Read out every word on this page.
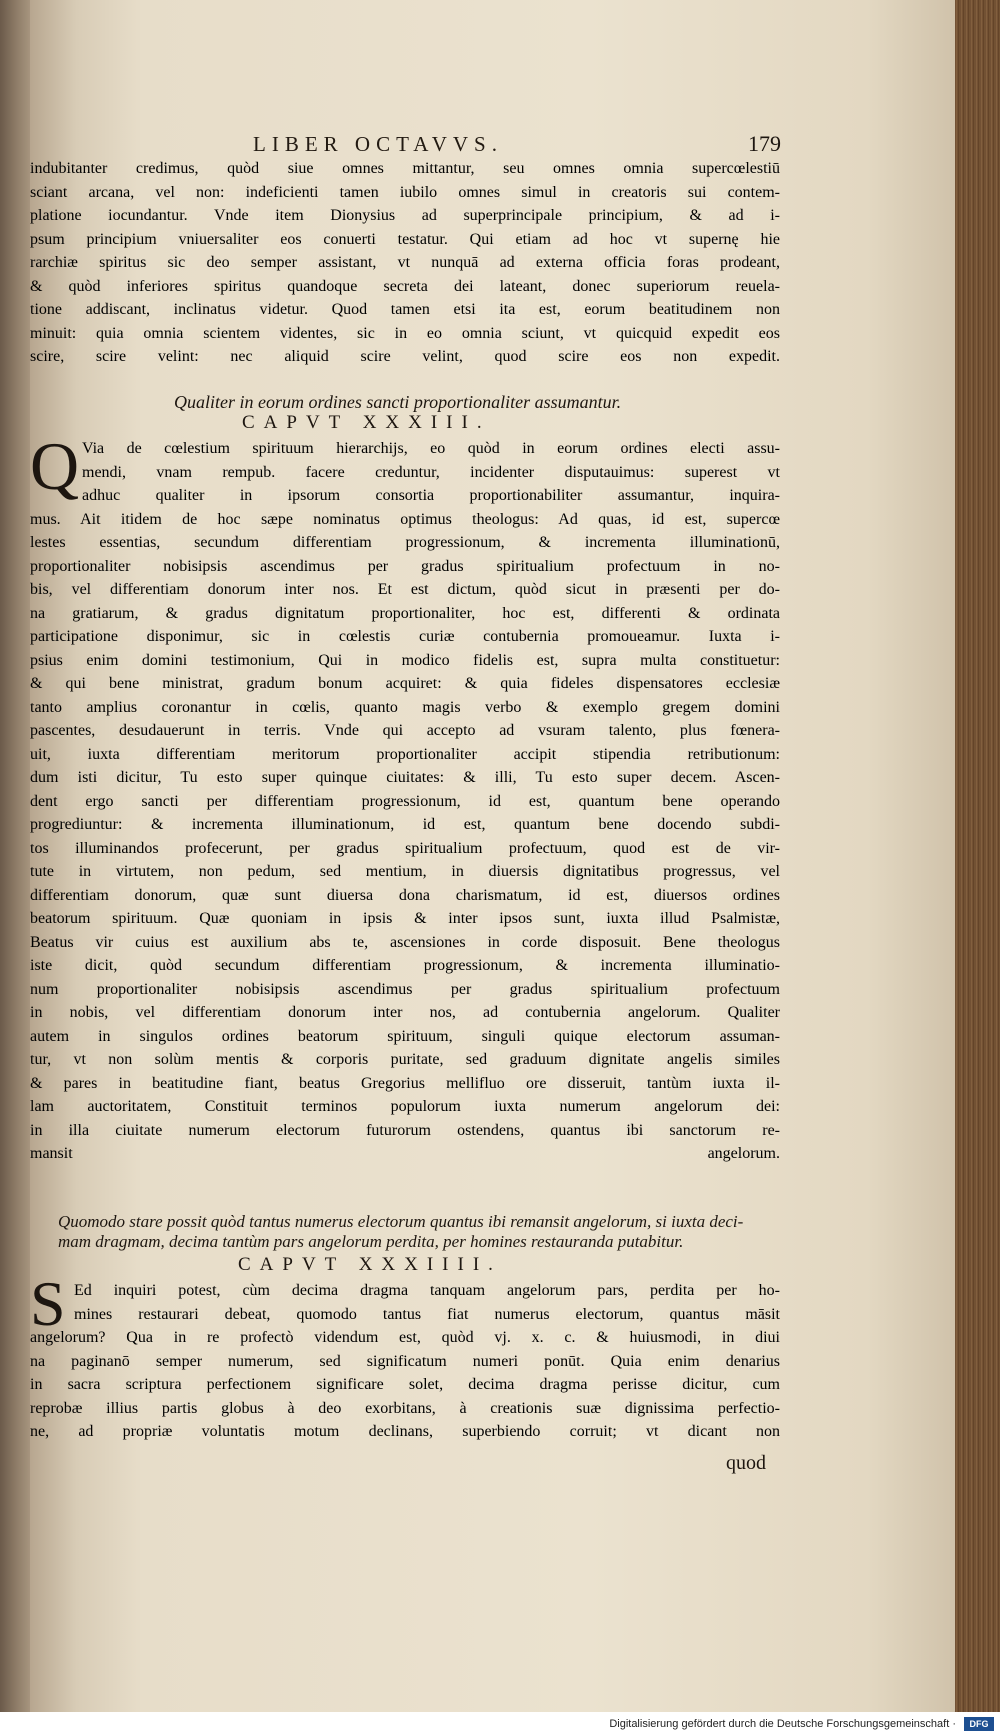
LIBER OCTAVVS.	179
indubitanter credimus, quòd siue omnes mittantur, seu omnes omnia supercœlestiū
sciant arcana, vel non: indeficienti tamen iubilo omnes simul in creatoris sui contem-
platione iocundantur. Vnde item Dionysius ad superprincipale principium, & ad i-
psum principium vniuersaliter eos conuerti testatur. Qui etiam ad hoc vt supernę hie
rarchiæ spiritus sic deo semper assistant, vt nunquā ad externa officia foras prodeant,
& quòd inferiores spiritus quandoque secreta dei lateant, donec superiorum reuela-
tione addiscant, inclinatus videtur. Quod tamen etsi ita est, eorum beatitudinem non
minuit: quia omnia scientem videntes, sic in eo omnia sciunt, vt quicquid expedit eos
scire, scire velint: nec aliquid scire velint, quod scire eos non expedit.
Qualiter in eorum ordines sancti proportionaliter assumantur.
CAPVT XXXIII.
Q Via de cœlestium spirituum hierarchijs, eo quòd in eorum ordines electi assu-
mendi, vnam rempub. facere creduntur, incidenter disputauimus: superest vt
adhuc qualiter in ipsorum consortia proportionabiliter assumantur, inquira-
mus. Ait itidem de hoc sæpe nominatus optimus theologus: Ad quas, id est, supercœ
lestes essentias, secundum differentiam progressionum, & incrementa illuminationū,
proportionaliter nobisipsis ascendimus per gradus spiritualium profectuum in no-
bis, vel differentiam donorum inter nos. Et est dictum, quòd sicut in præsenti per do-
na gratiarum, & gradus dignitatum proportionaliter, hoc est, differenti & ordinata
participatione disponimur, sic in cœlestis curiæ contubernia promoueamur. Iuxta i-
psius enim domini testimonium, Qui in modico fidelis est, supra multa constituetur:
& qui bene ministrat, gradum bonum acquiret: & quia fideles dispensatores ecclesiæ
tanto amplius coronantur in cœlis, quanto magis verbo & exemplo gregem domini
pascentes, desudauerunt in terris. Vnde qui accepto ad vsuram talento, plus fœnera-
uit, iuxta differentiam meritorum proportionaliter accipit stipendia retributionum:
dum isti dicitur, Tu esto super quinque ciuitates: & illi, Tu esto super decem. Ascen-
dent ergo sancti per differentiam progressionum, id est, quantum bene operando
progrediuntur: & incrementa illuminationum, id est, quantum bene docendo subdi-
tos illuminandos profecerunt, per gradus spiritualium profectuum, quod est de vir-
tute in virtutem, non pedum, sed mentium, in diuersis dignitatibus progressus, vel
differentiam donorum, quæ sunt diuersa dona charismatum, id est, diuersos ordines
beatorum spirituum. Quæ quoniam in ipsis & inter ipsos sunt, iuxta illud Psalmistæ,
Beatus vir cuius est auxilium abs te, ascensiones in corde disposuit. Bene theologus
iste dicit, quòd secundum differentiam progressionum, & incrementa illuminatio-
num proportionaliter nobisipsis ascendimus per gradus spiritualium profectuum
in nobis, vel differentiam donorum inter nos, ad contubernia angelorum. Qualiter
autem in singulos ordines beatorum spirituum, singuli quique electorum assuman-
tur, vt non solùm mentis & corporis puritate, sed graduum dignitate angelis similes
& pares in beatitudine fiant, beatus Gregorius mellifluo ore disseruit, tantùm iuxta il-
lam auctoritatem, Constituit terminos populorum iuxta numerum angelorum dei:
in illa ciuitate numerum electorum futurorum ostendens, quantus ibi sanctorum re-
mansit angelorum.
Quomodo stare possit quòd tantus numerus electorum quantus ibi remansit angelorum, si iuxta deci-
mam dragmam, decima tantùm pars angelorum perdita, per homines restauranda putabitur.
CAPVT XXXIIII.
S Ed inquiri potest, cùm decima dragma tanquam angelorum pars, perdita per ho-
mines restaurari debeat, quomodo tantus fiat numerus electorum, quantus māsit
angelorum? Qua in re profectò videndum est, quòd vj. x. c. & huiusmodi, in diui
na paginanō semper numerum, sed significatum numeri ponūt. Quia enim denarius
in sacra scriptura perfectionem significare solet, decima dragma perisse dicitur, cum
reprobæ illius partis globus à deo exorbitans, à creationis suæ dignissima perfectio-
ne, ad propriæ voluntatis motum declinans, superbiendo corruit; vt dicant non
quod
Digitalisierung gefördert durch die Deutsche Forschungsgemeinschaft ·	DFG
